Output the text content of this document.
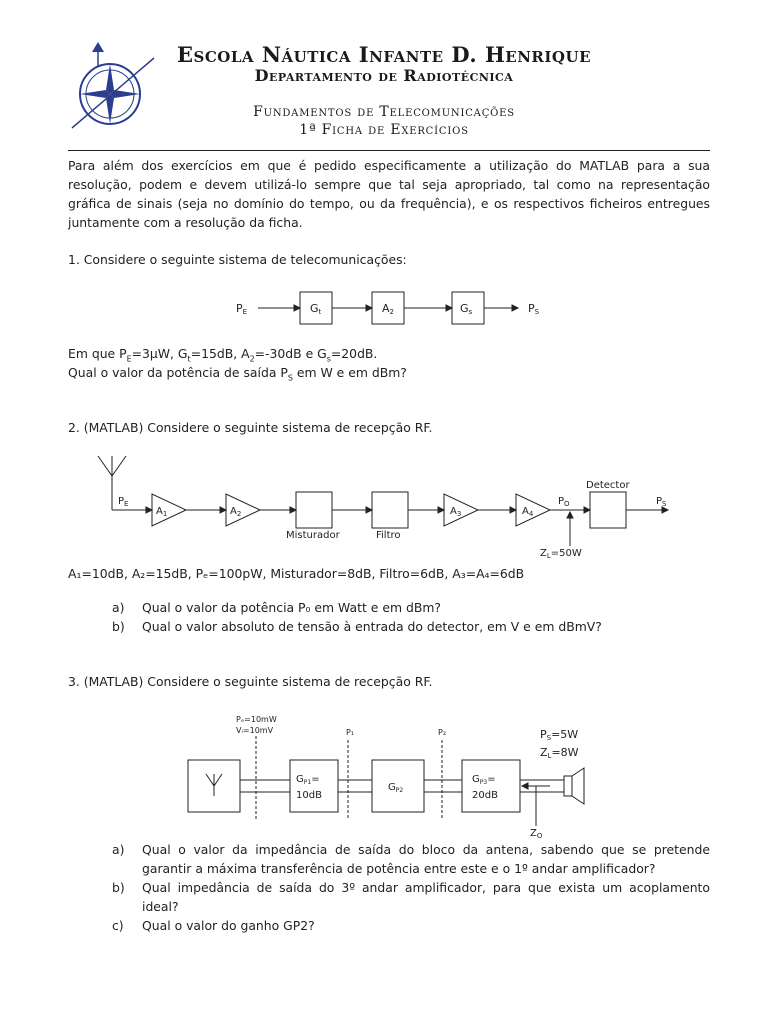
Escola Náutica Infante D. Henrique
Departamento de Radiotécnica
Fundamentos de Telecomunicações
1ª Ficha de Exercícios
Para além dos exercícios em que é pedido especificamente a utilização do MATLAB para a sua resolução, podem e devem utilizá-lo sempre que tal seja apropriado, tal como na representação gráfica de sinais (seja no domínio do tempo, ou da frequência), e os respectivos ficheiros entregues juntamente com a resolução da ficha.
1. Considere o seguinte sistema de telecomunicações:
PE	Gt	A2	Gs	PS
Em que $P_E=3\mu W$, $G_t=15dB$, $A_2=-30dB$ e $G_s=20dB$.
Qual o valor da potência de saída $P_S$ em W e em dBm?
2. (MATLAB) Considere o seguinte sistema de recepção RF.
$P_E$
$A_1$	$A_2$
Misturador	Filtro
$A_3$	$A_4$
$P_O$
Detector
$P_S$
$Z_L=50W$
A₁=10dB, A₂=15dB, Pₑ=100pW, Misturador=8dB, Filtro=6dB, A₃=A₄=6dB
a)	Qual o valor da potência P₀ em Watt e em dBm?
b)	Qual o valor absoluto de tensão à entrada do detector, em V e em dBmV?
3. (MATLAB) Considere o seguinte sistema de recepção RF.
Pₑ=10mW
Vᵢ=10mV	P₁	P₂	PS=5W
ZL=8W
$G_{P1}=$
10dB
$G_{P2}$
$G_{P3}=$
20dB
$Z_O$
a)	Qual o valor da impedância de saída do bloco da antena, sabendo que se pretende garantir a máxima transferência de potência entre este e o 1º andar amplificador?
b)	Qual impedância de saída do 3º andar amplificador, para que exista um acoplamento ideal?
c)	Qual o valor do ganho GP2?
